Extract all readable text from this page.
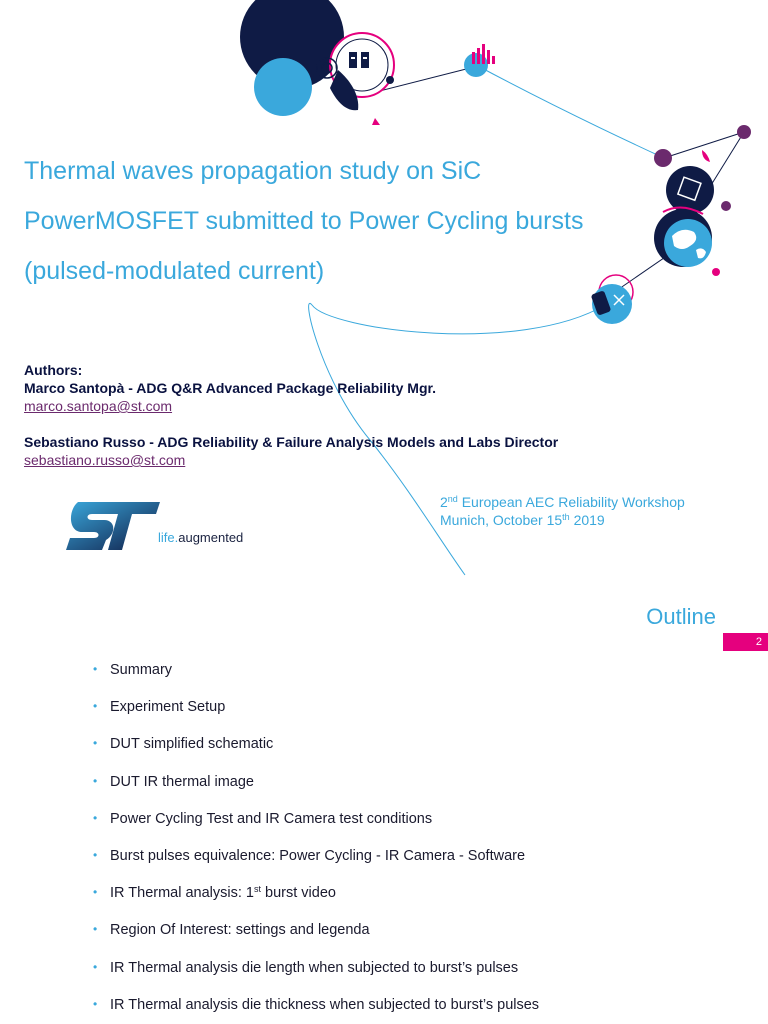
Thermal waves propagation study on SiC
PowerMOSFET submitted to Power Cycling bursts
(pulsed-modulated current)
Authors:
Marco Santopà - ADG Q&R Advanced Package Reliability Mgr.
marco.santopa@st.com
Sebastiano Russo - ADG Reliability & Failure Analysis Models and Labs Director
sebastiano.russo@st.com
ST	life.augmented
2nd European AEC Reliability Workshop
Munich, October 15th 2019
Outline
2
• Summary
• Experiment Setup
• DUT simplified schematic
• DUT IR thermal image
• Power Cycling Test and IR Camera test conditions
• Burst pulses equivalence: Power Cycling - IR Camera - Software
• IR Thermal analysis: 1st burst video
• Region Of Interest: settings and legenda
• IR Thermal analysis die length when subjected to burst’s pulses
• IR Thermal analysis die thickness when subjected to burst’s pulses
